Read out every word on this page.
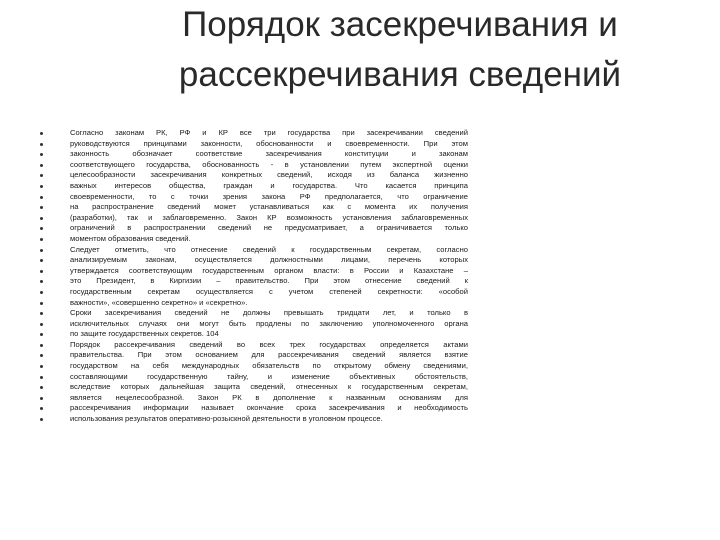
Порядок засекречивания и
рассекречивания сведений
Согласно законам РК, РФ и КР все три государства при засекречивании сведений
руководствуются принципами законности, обоснованности и своевременности. При этом
законность обозначает соответствие засекречивания конституции и законам
соответствующего государства, обоснованность - в установлении путем экспертной оценки
целесообразности засекречивания конкретных сведений, исходя из баланса жизненно
важных интересов общества, граждан и государства. Что касается принципа
своевременности, то с точки зрения закона РФ предполагается, что ограничение
на распространение сведений может устанавливаться как с момента их получения
(разработки), так и заблаговременно. Закон КР возможность установления заблаговременных
ограничений в распространении сведений не предусматривает, а ограничивается только
моментом образования сведений.
Следует отметить, что отнесение сведений к государственным секретам, согласно
анализируемым законам, осуществляется должностными лицами, перечень которых
утверждается соответствующим государственным органом власти: в России и Казахстане –
это Президент, в Киргизии – правительство. При этом отнесение сведений к
государственным секретам осуществляется с учетом степеней секретности: «особой
важности», «совершенно секретно» и «секретно».
Сроки засекречивания сведений не должны превышать тридцати лет, и только в
исключительных случаях они могут быть продлены по заключению уполномоченного органа
по защите государственных секретов. 104
Порядок рассекречивания сведений во всех трех государствах определяется актами
правительства. При этом основанием для рассекречивания сведений является взятие
государством на себя международных обязательств по открытому обмену сведениями,
составляющими государственную тайну, и изменение объективных обстоятельств,
вследствие которых дальнейшая защита сведений, отнесенных к государственным секретам,
является нецелесообразной. Закон РК в дополнение к названным основаниям для
рассекречивания информации называет окончание срока засекречивания и необходимость
использования результатов оперативно-розыскной деятельности в уголовном процессе.
